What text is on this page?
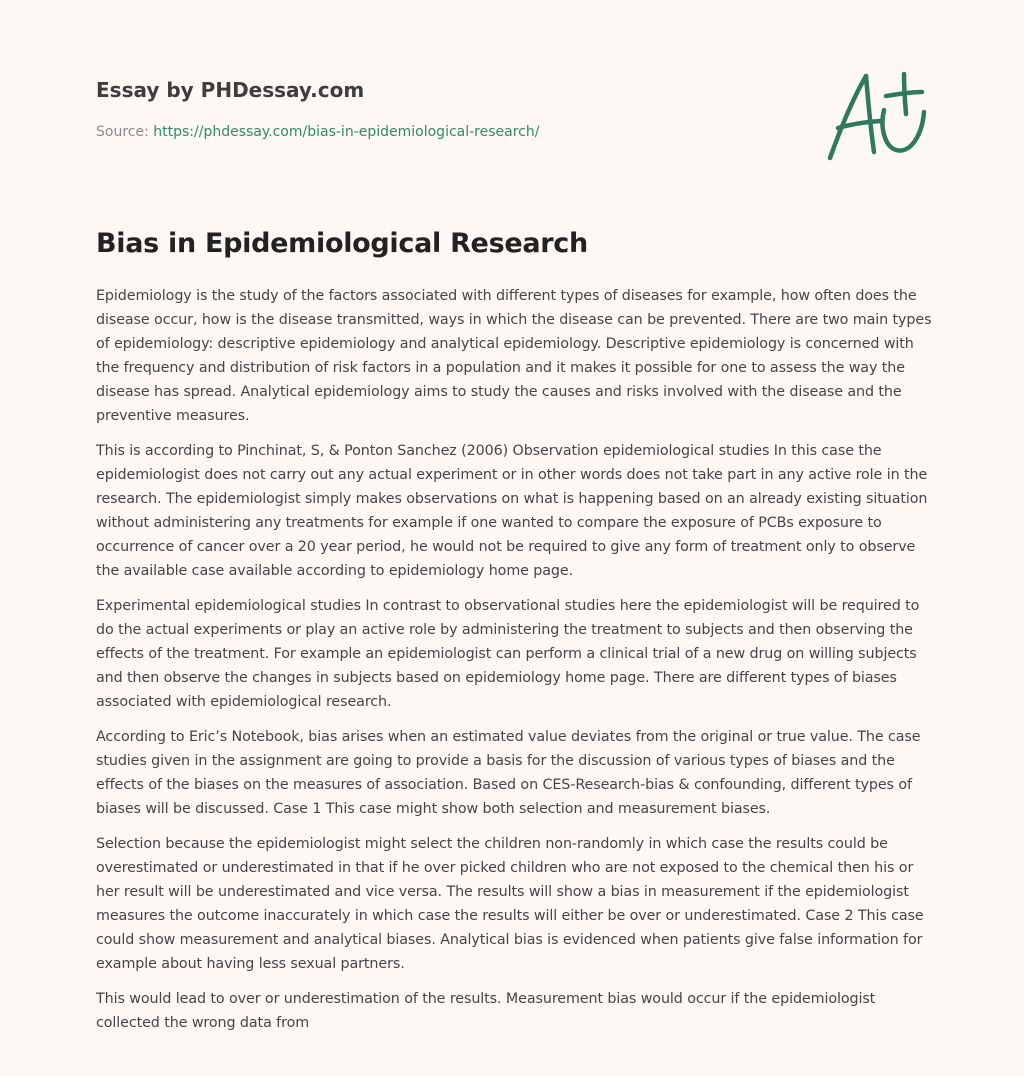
Essay by PHDessay.com
Source: https://phdessay.com/bias-in-epidemiological-research/
Bias in Epidemiological Research

Epidemiology is the study of the factors associated with different types of diseases for example, how often does the disease occur, how is the disease transmitted, ways in which the disease can be prevented. There are two main types of epidemiology: descriptive epidemiology and analytical epidemiology. Descriptive epidemiology is concerned with the frequency and distribution of risk factors in a population and it makes it possible for one to assess the way the disease has spread. Analytical epidemiology aims to study the causes and risks involved with the disease and the preventive measures.

This is according to Pinchinat, S, & Ponton Sanchez (2006) Observation epidemiological studies In this case the epidemiologist does not carry out any actual experiment or in other words does not take part in any active role in the research. The epidemiologist simply makes observations on what is happening based on an already existing situation without administering any treatments for example if one wanted to compare the exposure of PCBs exposure to occurrence of cancer over a 20 year period, he would not be required to give any form of treatment only to observe the available case available according to epidemiology home page.

Experimental epidemiological studies In contrast to observational studies here the epidemiologist will be required to do the actual experiments or play an active role by administering the treatment to subjects and then observing the effects of the treatment. For example an epidemiologist can perform a clinical trial of a new drug on willing subjects and then observe the changes in subjects based on epidemiology home page. There are different types of biases associated with epidemiological research.

According to Eric’s Notebook, bias arises when an estimated value deviates from the original or true value. The case studies given in the assignment are going to provide a basis for the discussion of various types of biases and the effects of the biases on the measures of association. Based on CES-Research-bias & confounding, different types of biases will be discussed. Case 1 This case might show both selection and measurement biases.

Selection because the epidemiologist might select the children non-randomly in which case the results could be overestimated or underestimated in that if he over picked children who are not exposed to the chemical then his or her result will be underestimated and vice versa. The results will show a bias in measurement if the epidemiologist measures the outcome inaccurately in which case the results will either be over or underestimated. Case 2 This case could show measurement and analytical biases. Analytical bias is evidenced when patients give false information for example about having less sexual partners.

This would lead to over or underestimation of the results. Measurement bias would occur if the epidemiologist collected the wrong data from
